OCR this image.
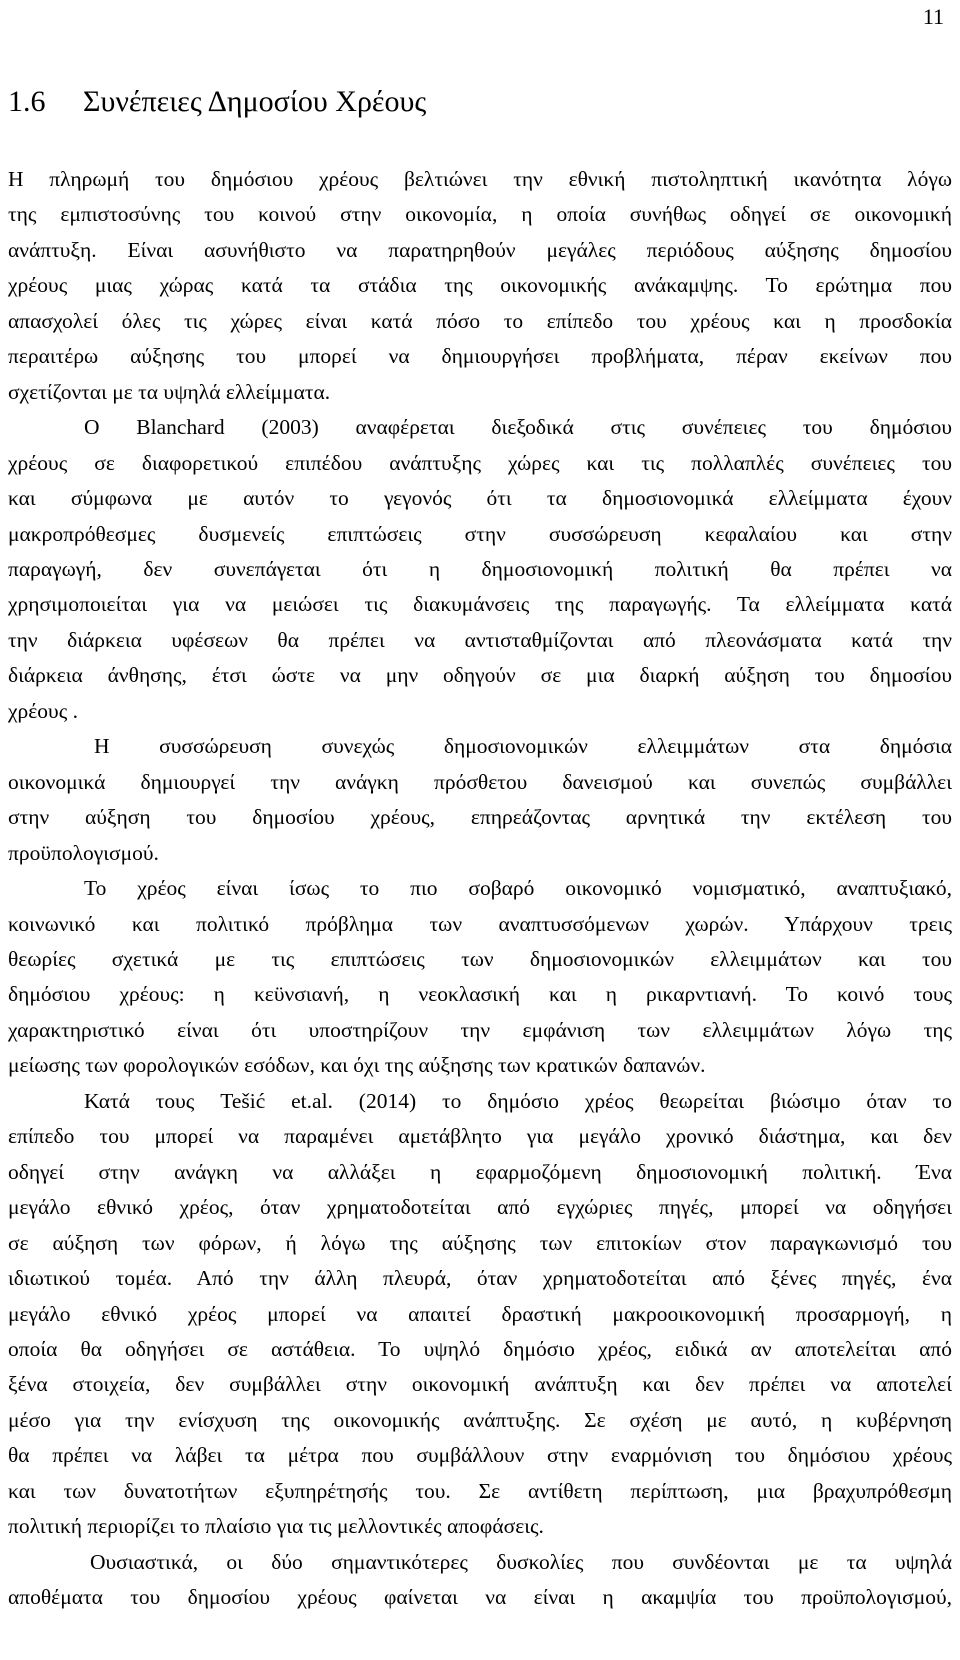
11
1.6 Συνέπειες Δημοσίου Χρέους
Η πληρωμή του δημόσιου χρέους βελτιώνει την εθνική πιστοληπτική ικανότητα λόγω
της εμπιστοσύνης του κοινού στην οικονομία, η οποία συνήθως οδηγεί σε οικονομική
ανάπτυξη. Είναι ασυνήθιστο να παρατηρηθούν μεγάλες περιόδους αύξησης δημοσίου
χρέους μιας χώρας κατά τα στάδια της οικονομικής ανάκαμψης. Το ερώτημα που
απασχολεί όλες τις χώρες είναι κατά πόσο το επίπεδο του χρέους και η προσδοκία
περαιτέρω αύξησης του μπορεί να δημιουργήσει προβλήματα, πέραν εκείνων που
σχετίζονται με τα υψηλά ελλείμματα.
Ο Blanchard (2003) αναφέρεται διεξοδικά στις συνέπειες του δημόσιου
χρέους σε διαφορετικού επιπέδου ανάπτυξης χώρες και τις πολλαπλές συνέπειες του
και σύμφωνα με αυτόν το γεγονός ότι τα δημοσιονομικά ελλείμματα έχουν
μακροπρόθεσμες δυσμενείς επιπτώσεις στην συσσώρευση κεφαλαίου και στην
παραγωγή, δεν συνεπάγεται ότι η δημοσιονομική πολιτική θα πρέπει να
χρησιμοποιείται για να μειώσει τις διακυμάνσεις της παραγωγής. Τα ελλείμματα κατά
την διάρκεια υφέσεων θα πρέπει να αντισταθμίζονται από πλεονάσματα κατά την
διάρκεια άνθησης, έτσι ώστε να μην οδηγούν σε μια διαρκή αύξηση του δημοσίου
χρέους .
Η συσσώρευση συνεχώς δημοσιονομικών ελλειμμάτων στα δημόσια
οικονομικά δημιουργεί την ανάγκη πρόσθετου δανεισμού και συνεπώς συμβάλλει
στην αύξηση του δημοσίου χρέους, επηρεάζοντας αρνητικά την εκτέλεση του
προϋπολογισμού.
Το χρέος είναι ίσως το πιο σοβαρό οικονομικό νομισματικό, αναπτυξιακό,
κοινωνικό και πολιτικό πρόβλημα των αναπτυσσόμενων χωρών. Υπάρχουν τρεις
θεωρίες σχετικά με τις επιπτώσεις των δημοσιονομικών ελλειμμάτων και του
δημόσιου χρέους: η κεϋνσιανή, η νεοκλασική και η ρικαρντιανή. Το κοινό τους
χαρακτηριστικό είναι ότι υποστηρίζουν την εμφάνιση των ελλειμμάτων λόγω της
μείωσης των φορολογικών εσόδων, και όχι της αύξησης των κρατικών δαπανών.
Κατά τους Tešić et.al. (2014) το δημόσιο χρέος θεωρείται βιώσιμο όταν το
επίπεδο του μπορεί να παραμένει αμετάβλητο για μεγάλο χρονικό διάστημα, και δεν
οδηγεί στην ανάγκη να αλλάξει η εφαρμοζόμενη δημοσιονομική πολιτική. Ένα
μεγάλο εθνικό χρέος, όταν χρηματοδοτείται από εγχώριες πηγές, μπορεί να οδηγήσει
σε αύξηση των φόρων, ή λόγω της αύξησης των επιτοκίων στον παραγκωνισμό του
ιδιωτικού τομέα. Από την άλλη πλευρά, όταν χρηματοδοτείται από ξένες πηγές, ένα
μεγάλο εθνικό χρέος μπορεί να απαιτεί δραστική μακροοικονομική προσαρμογή, η
οποία θα οδηγήσει σε αστάθεια. Το υψηλό δημόσιο χρέος, ειδικά αν αποτελείται από
ξένα στοιχεία, δεν συμβάλλει στην οικονομική ανάπτυξη και δεν πρέπει να αποτελεί
μέσο για την ενίσχυση της οικονομικής ανάπτυξης. Σε σχέση με αυτό, η κυβέρνηση
θα πρέπει να λάβει τα μέτρα που συμβάλλουν στην εναρμόνιση του δημόσιου χρέους
και των δυνατοτήτων εξυπηρέτησής του. Σε αντίθετη περίπτωση, μια βραχυπρόθεσμη
πολιτική περιορίζει το πλαίσιο για τις μελλοντικές αποφάσεις.
Ουσιαστικά, οι δύο σημαντικότερες δυσκολίες που συνδέονται με τα υψηλά
αποθέματα του δημοσίου χρέους φαίνεται να είναι η ακαμψία του προϋπολογισμού,
